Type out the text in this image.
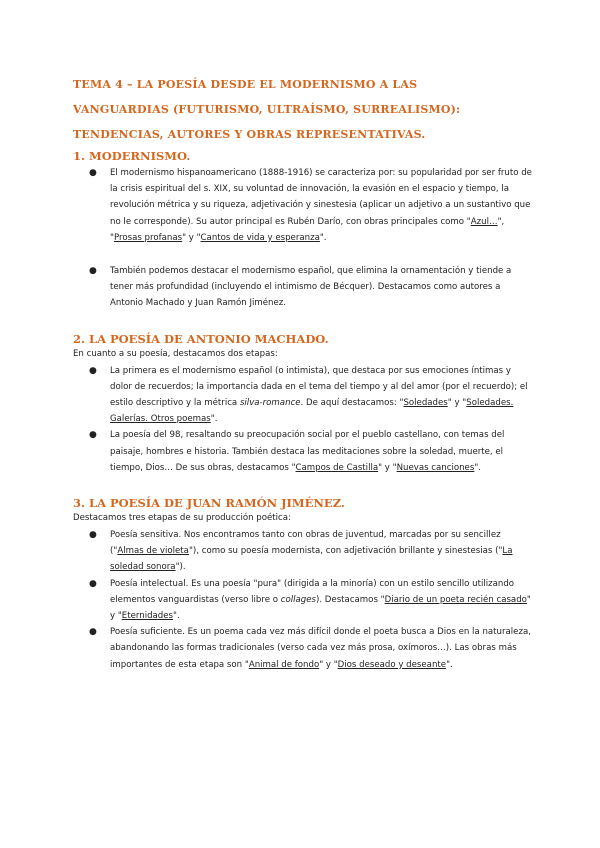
TEMA 4 – LA POESÍA DESDE EL MODERNISMO A LAS
VANGUARDIAS (FUTURISMO, ULTRAÍSMO, SURREALISMO):
TENDENCIAS, AUTORES Y OBRAS REPRESENTATIVAS.
1. MODERNISMO.
● El modernismo hispanoamericano (1888-1916) se caracteriza por: su popularidad por ser fruto de la crisis espiritual del s. XIX, su voluntad de innovación, la evasión en el espacio y tiempo, la revolución métrica y su riqueza, adjetivación y sinestesia (aplicar un adjetivo a un sustantivo que no le corresponde). Su autor principal es Rubén Darío, con obras principales como "Azul…", "Prosas profanas" y "Cantos de vida y esperanza".
● También podemos destacar el modernismo español, que elimina la ornamentación y tiende a tener más profundidad (incluyendo el intimismo de Bécquer). Destacamos como autores a Antonio Machado y Juan Ramón Jiménez.
2. LA POESÍA DE ANTONIO MACHADO.

En cuanto a su poesía, destacamos dos etapas:

● La primera es el modernismo español (o intimista), que destaca por sus emociones íntimas y dolor de recuerdos; la importancia dada en el tema del tiempo y al del amor (por el recuerdo); el estilo descriptivo y la métrica silva-romance. De aquí destacamos: "Soledades" y "Soledades. Galerías. Otros poemas".
● La poesía del 98, resaltando su preocupación social por el pueblo castellano, con temas del paisaje, hombres e historia. También destaca las meditaciones sobre la soledad, muerte, el tiempo, Dios… De sus obras, destacamos "Campos de Castilla" y "Nuevas canciones".
3. LA POESÍA DE JUAN RAMÓN JIMÉNEZ.

Destacamos tres etapas de su producción poética:

● Poesía sensitiva. Nos encontramos tanto con obras de juventud, marcadas por su sencillez ("Almas de violeta"), como su poesía modernista, con adjetivación brillante y sinestesias ("La soledad sonora").
● Poesía intelectual. Es una poesía "pura" (dirigida a la minoría) con un estilo sencillo utilizando elementos vanguardistas (verso libre o collages). Destacamos "Diario de un poeta recién casado" y "Eternidades".
● Poesía suficiente. Es un poema cada vez más difícil donde el poeta busca a Dios en la naturaleza, abandonando las formas tradicionales (verso cada vez más prosa, oxímoros…). Las obras más importantes de esta etapa son "Animal de fondo" y "Dios deseado y deseante".
